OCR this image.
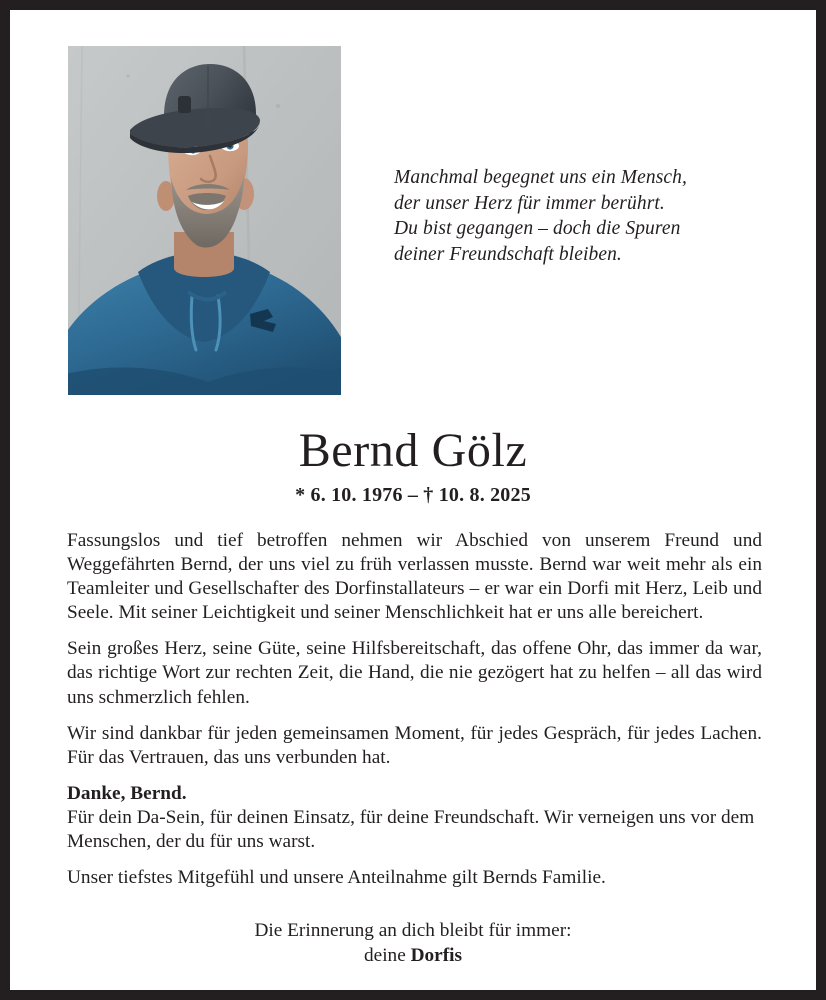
Manchmal begegnet uns ein Mensch,
der unser Herz für immer berührt.
Du bist gegangen – doch die Spuren
deiner Freundschaft bleiben.
Bernd Gölz
* 6. 10. 1976 – † 10. 8. 2025

Fassungslos und tief betroffen nehmen wir Abschied von unserem Freund und Weggefährten Bernd, der uns viel zu früh verlassen musste. Bernd war weit mehr als ein Teamleiter und Gesellschafter des Dorfinstallateurs – er war ein Dorfi mit Herz, Leib und Seele. Mit seiner Leichtigkeit und seiner Menschlichkeit hat er uns alle bereichert.

Sein großes Herz, seine Güte, seine Hilfsbereitschaft, das offene Ohr, das immer da war, das richtige Wort zur rechten Zeit, die Hand, die nie gezögert hat zu helfen – all das wird uns schmerzlich fehlen.

Wir sind dankbar für jeden gemeinsamen Moment, für jedes Gespräch, für jedes Lachen. Für das Vertrauen, das uns verbunden hat.

Danke, Bernd.
Für dein Da-Sein, für deinen Einsatz, für deine Freundschaft. Wir verneigen uns vor dem Menschen, der du für uns warst.

Unser tiefstes Mitgefühl und unsere Anteilnahme gilt Bernds Familie.

Die Erinnerung an dich bleibt für immer:
deine Dorfis
